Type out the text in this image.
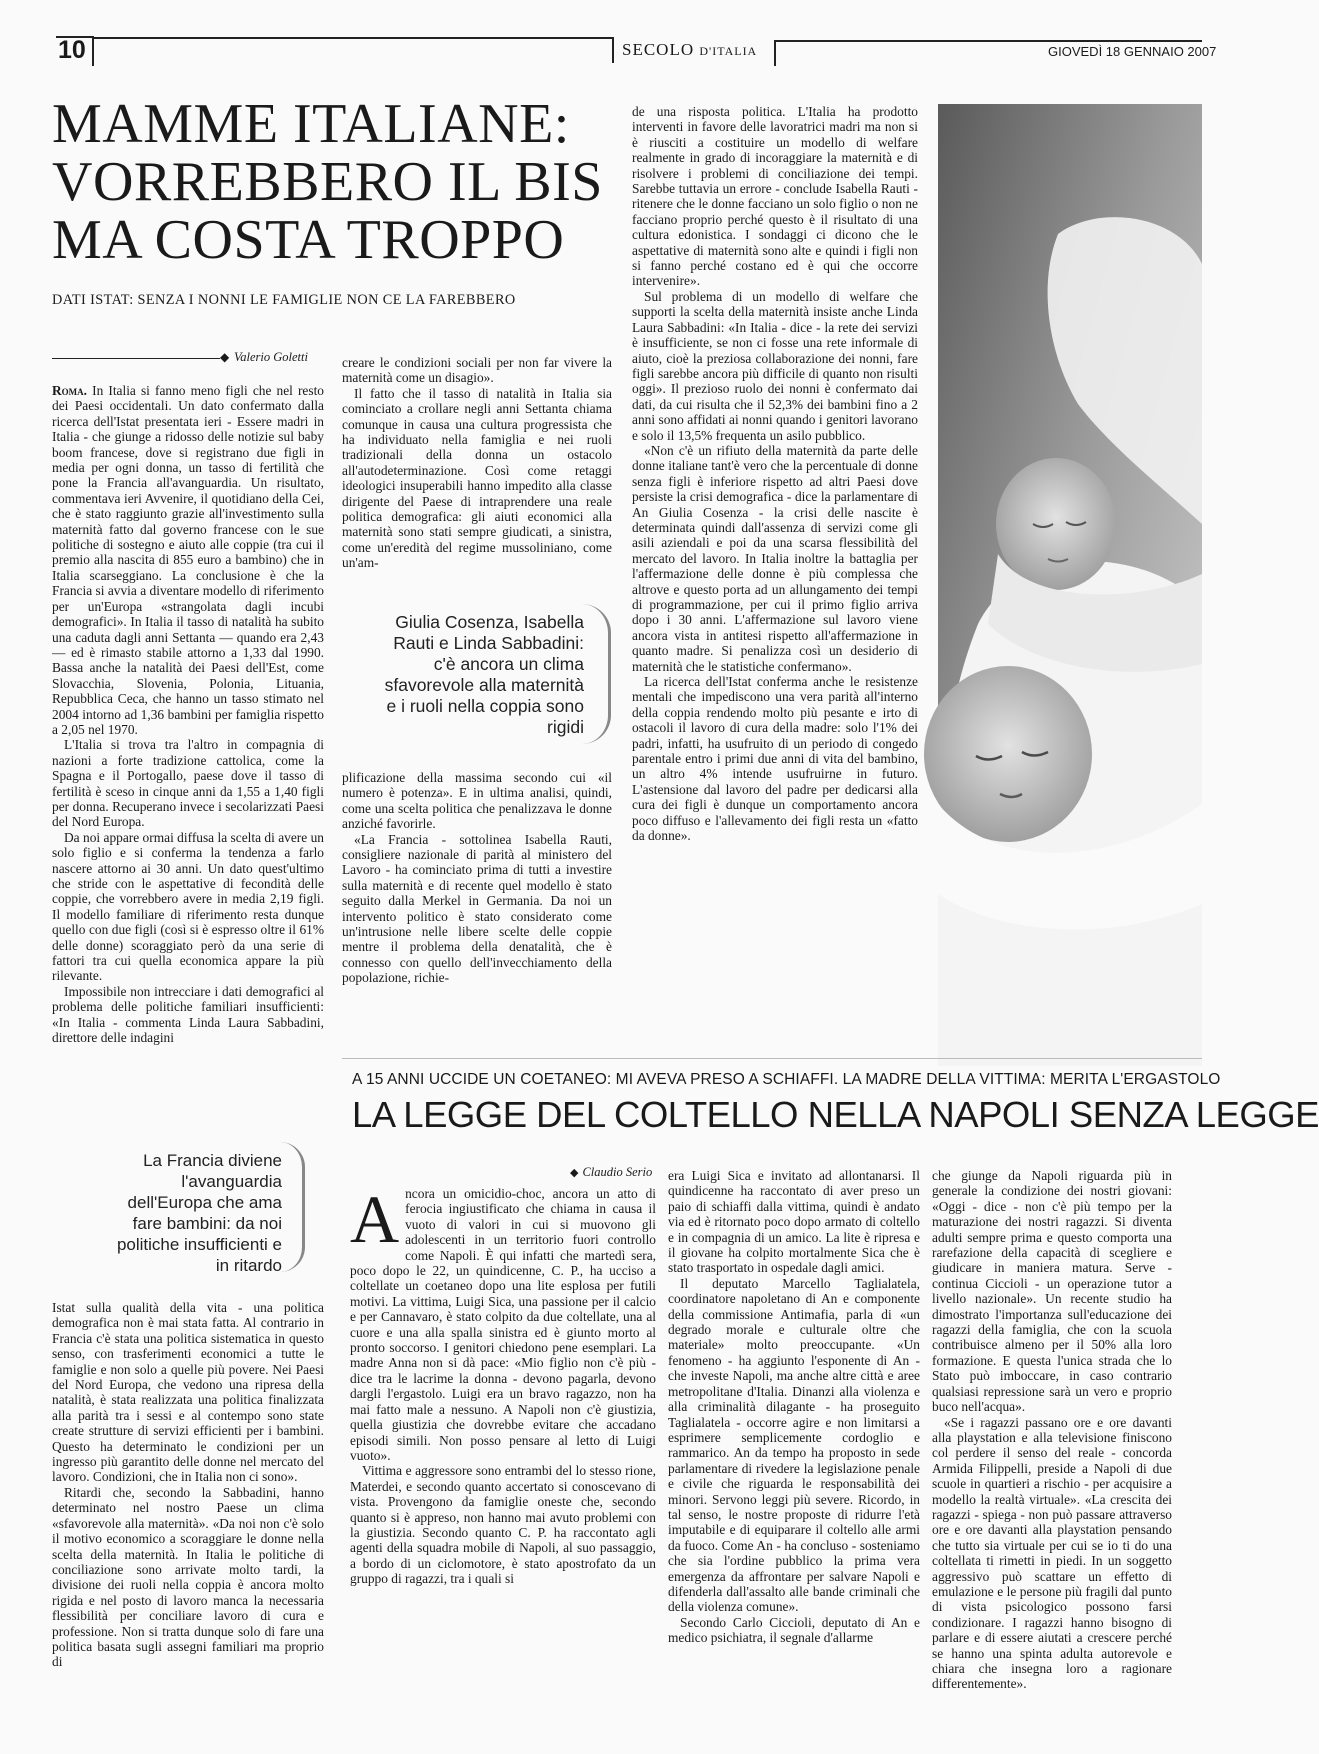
10	SECOLO D'ITALIA	GIOVEDÌ 18 GENNAIO 2007
MAMME ITALIANE:
VORREBBERO IL BIS
MA COSTA TROPPO
DATI ISTAT: SENZA I NONNI LE FAMIGLIE NON CE LA FAREBBERO
◆ Valerio Goletti

Roma. In Italia si fanno meno figli che nel resto dei Paesi occidentali. Un dato confermato dalla ricerca dell'Istat presentata ieri - Essere madri in Italia - che giunge a ridosso delle notizie sul baby boom francese, dove si registrano due figli in media per ogni donna, un tasso di fertilità che pone la Francia all'avanguardia. Un risultato, commentava ieri Avvenire, il quotidiano della Cei, che è stato raggiunto grazie all'investimento sulla maternità fatto dal governo francese con le sue politiche di sostegno e aiuto alle coppie (tra cui il premio alla nascita di 855 euro a bambino) che in Italia scarseggiano. La conclusione è che la Francia si avvia a diventare modello di riferimento per un'Europa «strangolata dagli incubi demografici». In Italia il tasso di natalità ha subito una caduta dagli anni Settanta — quando era 2,43 — ed è rimasto stabile attorno a 1,33 dal 1990. Bassa anche la natalità dei Paesi dell'Est, come Slovacchia, Slovenia, Polonia, Lituania, Repubblica Ceca, che hanno un tasso stimato nel 2004 intorno ad 1,36 bambini per famiglia rispetto a 2,05 nel 1970.

L'Italia si trova tra l'altro in compagnia di nazioni a forte tradizione cattolica, come la Spagna e il Portogallo, paese dove il tasso di fertilità è sceso in cinque anni da 1,55 a 1,40 figli per donna. Recuperano invece i secolarizzati Paesi del Nord Europa.

Da noi appare ormai diffusa la scelta di avere un solo figlio e si conferma la tendenza a farlo nascere attorno ai 30 anni. Un dato quest'ultimo che stride con le aspettative di fecondità delle coppie, che vorrebbero avere in media 2,19 figli. Il modello familiare di riferimento resta dunque quello con due figli (così si è espresso oltre il 61% delle donne) scoraggiato però da una serie di fattori tra cui quella economica appare la più rilevante.

Impossibile non intrecciare i dati demografici al problema delle politiche familiari insufficienti: «In Italia - commenta Linda Laura Sabbadini, direttore delle indagini

creare le condizioni sociali per non far vivere la maternità come un disagio».

Il fatto che il tasso di natalità in Italia sia cominciato a crollare negli anni Settanta chiama comunque in causa una cultura progressista che ha individuato nella famiglia e nei ruoli tradizionali della donna un ostacolo all'autodeterminazione. Così come retaggi ideologici insuperabili hanno impedito alla classe dirigente del Paese di intraprendere una reale politica demografica: gli aiuti economici alla maternità sono stati sempre giudicati, a sinistra, come un'eredità del regime mussoliniano, come un'am-

Giulia Cosenza, Isabella Rauti e Linda Sabbadini: c'è ancora un clima sfavorevole alla maternità e i ruoli nella coppia sono rigidi

plificazione della massima secondo cui «il numero è potenza». E in ultima analisi, quindi, come una scelta politica che penalizzava le donne anziché favorirle.

«La Francia - sottolinea Isabella Rauti, consigliere nazionale di parità al ministero del Lavoro - ha cominciato prima di tutti a investire sulla maternità e di recente quel modello è stato seguito dalla Merkel in Germania. Da noi un intervento politico è stato considerato come un'intrusione nelle libere scelte delle coppie mentre il problema della denatalità, che è connesso con quello dell'invecchiamento della popolazione, richie-

de una risposta politica. L'Italia ha prodotto interventi in favore delle lavoratrici madri ma non si è riusciti a costituire un modello di welfare realmente in grado di incoraggiare la maternità e di risolvere i problemi di conciliazione dei tempi. Sarebbe tuttavia un errore - conclude Isabella Rauti - ritenere che le donne facciano un solo figlio o non ne facciano proprio perché questo è il risultato di una cultura edonistica. I sondaggi ci dicono che le aspettative di maternità sono alte e quindi i figli non si fanno perché costano ed è qui che occorre intervenire».

Sul problema di un modello di welfare che supporti la scelta della maternità insiste anche Linda Laura Sabbadini: «In Italia - dice - la rete dei servizi è insufficiente, se non ci fosse una rete informale di aiuto, cioè la preziosa collaborazione dei nonni, fare figli sarebbe ancora più difficile di quanto non risulti oggi». Il prezioso ruolo dei nonni è confermato dai dati, da cui risulta che il 52,3% dei bambini fino a 2 anni sono affidati ai nonni quando i genitori lavorano e solo il 13,5% frequenta un asilo pubblico.

«Non c'è un rifiuto della maternità da parte delle donne italiane tant'è vero che la percentuale di donne senza figli è inferiore rispetto ad altri Paesi dove persiste la crisi demografica - dice la parlamentare di An Giulia Cosenza - la crisi delle nascite è determinata quindi dall'assenza di servizi come gli asili aziendali e poi da una scarsa flessibilità del mercato del lavoro. In Italia inoltre la battaglia per l'affermazione delle donne è più complessa che altrove e questo porta ad un allungamento dei tempi di programmazione, per cui il primo figlio arriva dopo i 30 anni. L'affermazione sul lavoro viene ancora vista in antitesi rispetto all'affermazione in quanto madre. Si penalizza così un desiderio di maternità che le statistiche confermano».

La ricerca dell'Istat conferma anche le resistenze mentali che impediscono una vera parità all'interno della coppia rendendo molto più pesante e irto di ostacoli il lavoro di cura della madre: solo l'1% dei padri, infatti, ha usufruito di un periodo di congedo parentale entro i primi due anni di vita del bambino, un altro 4% intende usufruirne in futuro. L'astensione dal lavoro del padre per dedicarsi alla cura dei figli è dunque un comportamento ancora poco diffuso e l'allevamento dei figli resta un «fatto da donne».

A 15 ANNI UCCIDE UN COETANEO: MI AVEVA PRESO A SCHIAFFI. LA MADRE DELLA VITTIMA: MERITA L'ERGASTOLO
LA LEGGE DEL COLTELLO NELLA NAPOLI SENZA LEGGE
La Francia diviene l'avanguardia dell'Europa che ama fare bambini: da noi politiche insufficienti e in ritardo

Istat sulla qualità della vita - una politica demografica non è mai stata fatta. Al contrario in Francia c'è stata una politica sistematica in questo senso, con trasferimenti economici a tutte le famiglie e non solo a quelle più povere. Nei Paesi del Nord Europa, che vedono una ripresa della natalità, è stata realizzata una politica finalizzata alla parità tra i sessi e al contempo sono state create strutture di servizi efficienti per i bambini. Questo ha determinato le condizioni per un ingresso più garantito delle donne nel mercato del lavoro. Condizioni, che in Italia non ci sono».

Ritardi che, secondo la Sabbadini, hanno determinato nel nostro Paese un clima «sfavorevole alla maternità». «Da noi non c'è solo il motivo economico a scoraggiare le donne nella scelta della maternità. In Italia le politiche di conciliazione sono arrivate molto tardi, la divisione dei ruoli nella coppia è ancora molto rigida e nel posto di lavoro manca la necessaria flessibilità per conciliare lavoro di cura e professione. Non si tratta dunque solo di fare una politica basata sugli assegni familiari ma proprio di

◆ Claudio Serio
A ncora un omicidio-choc, ancora un atto di ferocia ingiustificato che chiama in causa il vuoto di valori in cui si muovono gli adolescenti in un territorio fuori controllo come Napoli. È qui infatti che martedì sera, poco dopo le 22, un quindicenne, C. P., ha ucciso a coltellate un coetaneo dopo una lite esplosa per futili motivi. La vittima, Luigi Sica, una passione per il calcio e per Cannavaro, è stato colpito da due coltellate, una al cuore e una alla spalla sinistra ed è giunto morto al pronto soccorso. I genitori chiedono pene esemplari. La madre Anna non si dà pace: «Mio figlio non c'è più - dice tra le lacrime la donna - devono pagarla, devono dargli l'ergastolo. Luigi era un bravo ragazzo, non ha mai fatto male a nessuno. A Napoli non c'è giustizia, quella giustizia che dovrebbe evitare che accadano episodi simili. Non posso pensare al letto di Luigi vuoto».

Vittima e aggressore sono entrambi del lo stesso rione, Materdei, e secondo quanto accertato si conoscevano di vista. Provengono da famiglie oneste che, secondo quanto si è appreso, non hanno mai avuto problemi con la giustizia. Secondo quanto C. P. ha raccontato agli agenti della squadra mobile di Napoli, al suo passaggio, a bordo di un ciclomotore, è stato apostrofato da un gruppo di ragazzi, tra i quali si

era Luigi Sica e invitato ad allontanarsi. Il quindicenne ha raccontato di aver preso un paio di schiaffi dalla vittima, quindi è andato via ed è ritornato poco dopo armato di coltello e in compagnia di un amico. La lite è ripresa e il giovane ha colpito mortalmente Sica che è stato trasportato in ospedale dagli amici.

Il deputato Marcello Taglialatela, coordinatore napoletano di An e componente della commissione Antimafia, parla di «un degrado morale e culturale oltre che materiale» molto preoccupante. «Un fenomeno - ha aggiunto l'esponente di An - che investe Napoli, ma anche altre città e aree metropolitane d'Italia. Dinanzi alla violenza e alla criminalità dilagante - ha proseguito Taglialatela - occorre agire e non limitarsi a esprimere semplicemente cordoglio e rammarico. An da tempo ha proposto in sede parlamentare di rivedere la legislazione penale e civile che riguarda le responsabilità dei minori. Servono leggi più severe. Ricordo, in tal senso, le nostre proposte di ridurre l'età imputabile e di equiparare il coltello alle armi da fuoco. Come An - ha concluso - sosteniamo che sia l'ordine pubblico la prima vera emergenza da affrontare per salvare Napoli e difenderla dall'assalto alle bande criminali che della violenza comune».

Secondo Carlo Ciccioli, deputato di An e medico psichiatra, il segnale d'allarme

che giunge da Napoli riguarda più in generale la condizione dei nostri giovani: «Oggi - dice - non c'è più tempo per la maturazione dei nostri ragazzi. Si diventa adulti sempre prima e questo comporta una rarefazione della capacità di scegliere e giudicare in maniera matura. Serve - continua Ciccioli - un operazione tutor a livello nazionale». Un recente studio ha dimostrato l'importanza sull'educazione dei ragazzi della famiglia, che con la scuola contribuisce almeno per il 50% alla loro formazione. E questa l'unica strada che lo Stato può imboccare, in caso contrario qualsiasi repressione sarà un vero e proprio buco nell'acqua».

«Se i ragazzi passano ore e ore davanti alla playstation e alla televisione finiscono col perdere il senso del reale - concorda Armida Filippelli, preside a Napoli di due scuole in quartieri a rischio - per acquisire a modello la realtà virtuale». «La crescita dei ragazzi - spiega - non può passare attraverso ore e ore davanti alla playstation pensando che tutto sia virtuale per cui se io ti do una coltellata ti rimetti in piedi. In un soggetto aggressivo può scattare un effetto di emulazione e le persone più fragili dal punto di vista psicologico possono farsi condizionare. I ragazzi hanno bisogno di parlare e di essere aiutati a crescere perché se hanno una spinta adulta autorevole e chiara che insegna loro a ragionare differentemente».
